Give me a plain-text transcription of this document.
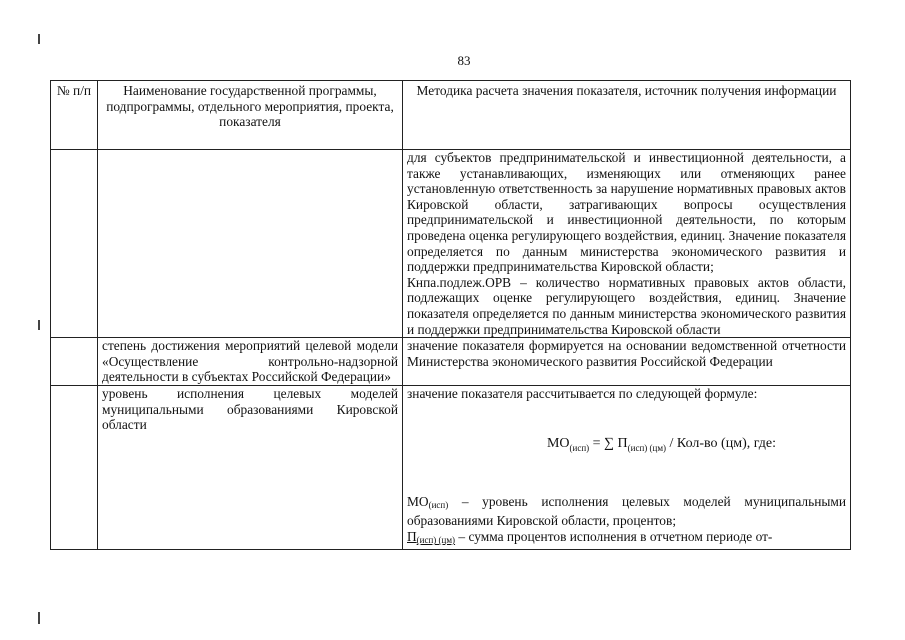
83
№ п/п	Наименование государственной программы, подпрограммы, отдельного мероприятия, проекта, показателя	Методика расчета значения показателя, источник получения информации

		для субъектов предпринимательской и инвестиционной деятельности, а также устанавливающих, изменяющих или отменяющих ранее установленную ответственность за нарушение нормативных правовых актов Кировской области, затрагивающих вопросы осуществления предпринимательской и инвестиционной деятельности, по которым проведена оценка регулирующего воздействия, единиц. Значение показателя определяется по данным министерства экономического развития и поддержки предпринимательства Кировской области;

Кнпа.подлеж.ОРВ – количество нормативных правовых актов области, подлежащих оценке регулирующего воздействия, единиц. Значение показателя определяется по данным министерства экономического развития и поддержки предпринимательства Кировской области

	степень достижения мероприятий целевой модели «Осуществление контрольно-надзорной деятельности в субъектах Российской Федерации»	значение показателя формируется на основании ведомственной отчетности Министерства экономического развития Российской Федерации
	уровень исполнения целевых моделей муниципальными образованиями Кировской области	значение показателя рассчитывается по следующей формуле:

$МО_{(исп)}$ = ∑ $П_{(исп) (цм)} / Кол-во$ (цм), где:

МО(исп) – уровень исполнения целевых моделей муниципальными образованиями Кировской области, процентов;

П(исп) (цм) – сумма процентов исполнения в отчетном периоде от-
